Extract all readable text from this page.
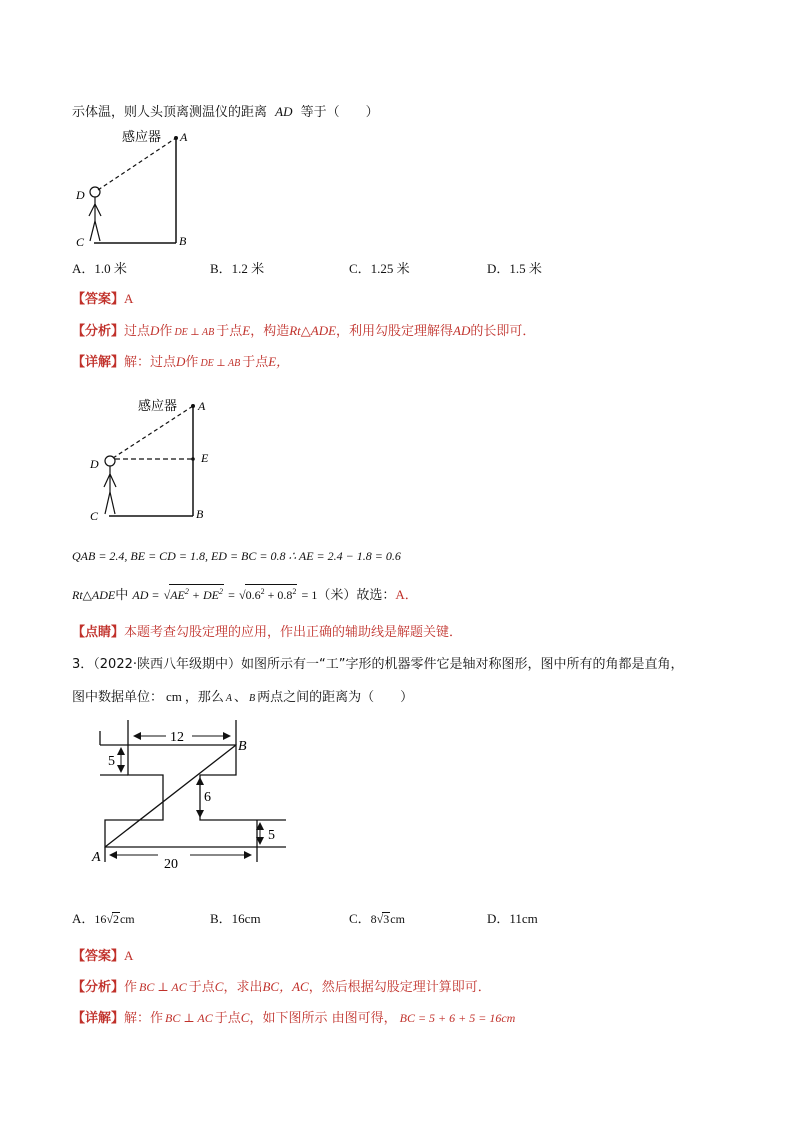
示体温，则人头顶离测温仪的距离 AD 等于（　　）
感应器 A
B
C
D
A．1.0 米	B．1.2 米	C．1.25 米	D．1.5 米
【答案】A
【分析】过点D作 DE ⊥ AB 于点E，构造Rt△ADE，利用勾股定理解得AD的长即可．
【详解】解：过点D作 DE ⊥ AB 于点E，
感应器 A
E
B
C
D
QAB = 2.4, BE = CD = 1.8, ED = BC = 0.8 ∴ AE = 2.4 − 1.8 = 0.6
Rt△ADE中 AD = $√AE^2 + DE^2 = √0.6^2 + 0.8^2 = 1$（米）故选：A．
【点睛】本题考查勾股定理的应用，作出正确的辅助线是解题关键．
3．（2022·陕西八年级期中）如图所示有一“工”字形的机器零件它是轴对称图形，图中所有的角都是直角，
图中数据单位： cm ，那么 A 、 B 两点之间的距离为（　　）
12
5
6
5
20
A
B
A．16√2cm	B．16cm	C．8√3cm	D．11cm
【答案】A
【分析】作 BC ⊥ AC 于点C，求出BC，AC，然后根据勾股定理计算即可．
【详解】解：作 BC ⊥ AC 于点C，如下图所示 由图可得， BC = 5 + 6 + 5 = 16cm
